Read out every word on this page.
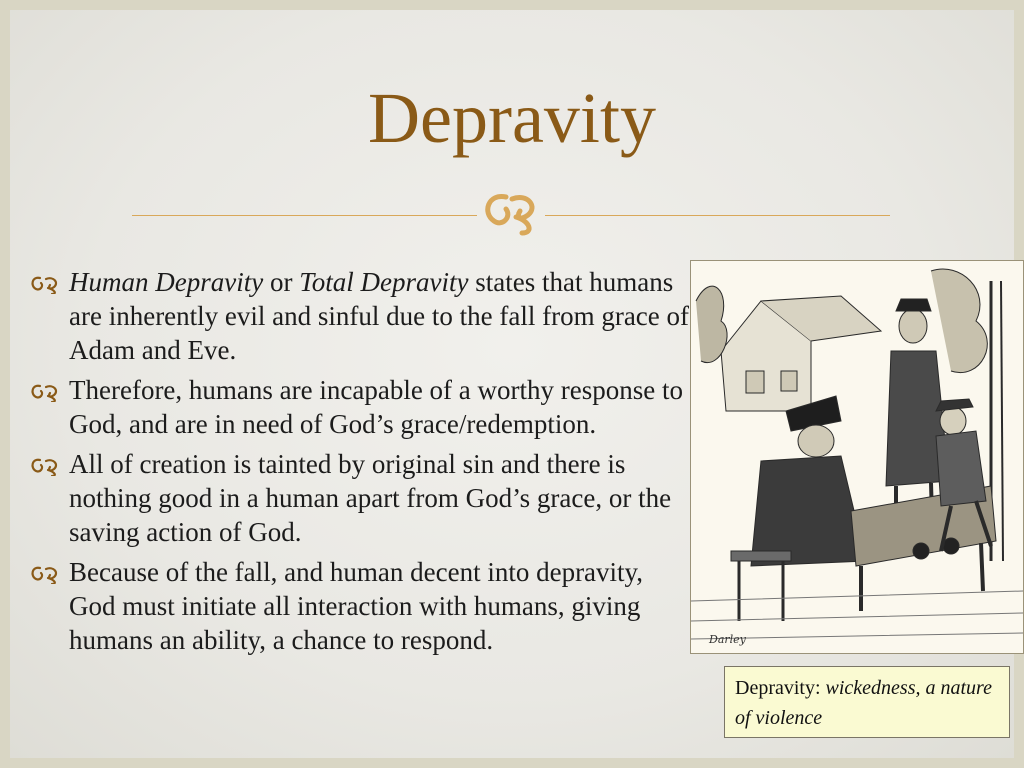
Depravity
Human Depravity or Total Depravity states that humans are inherently evil and sinful due to the fall from grace of Adam and Eve.
Therefore, humans are incapable of a worthy response to God, and are in need of God’s grace/redemption.
All of creation is tainted by original sin and there is nothing good in a human apart from God’s grace, or the saving action of God.
Because of the fall, and human decent into depravity, God must initiate all interaction with humans, giving humans an ability, a chance to respond.	Darley
Depravity: wickedness, a nature of violence
